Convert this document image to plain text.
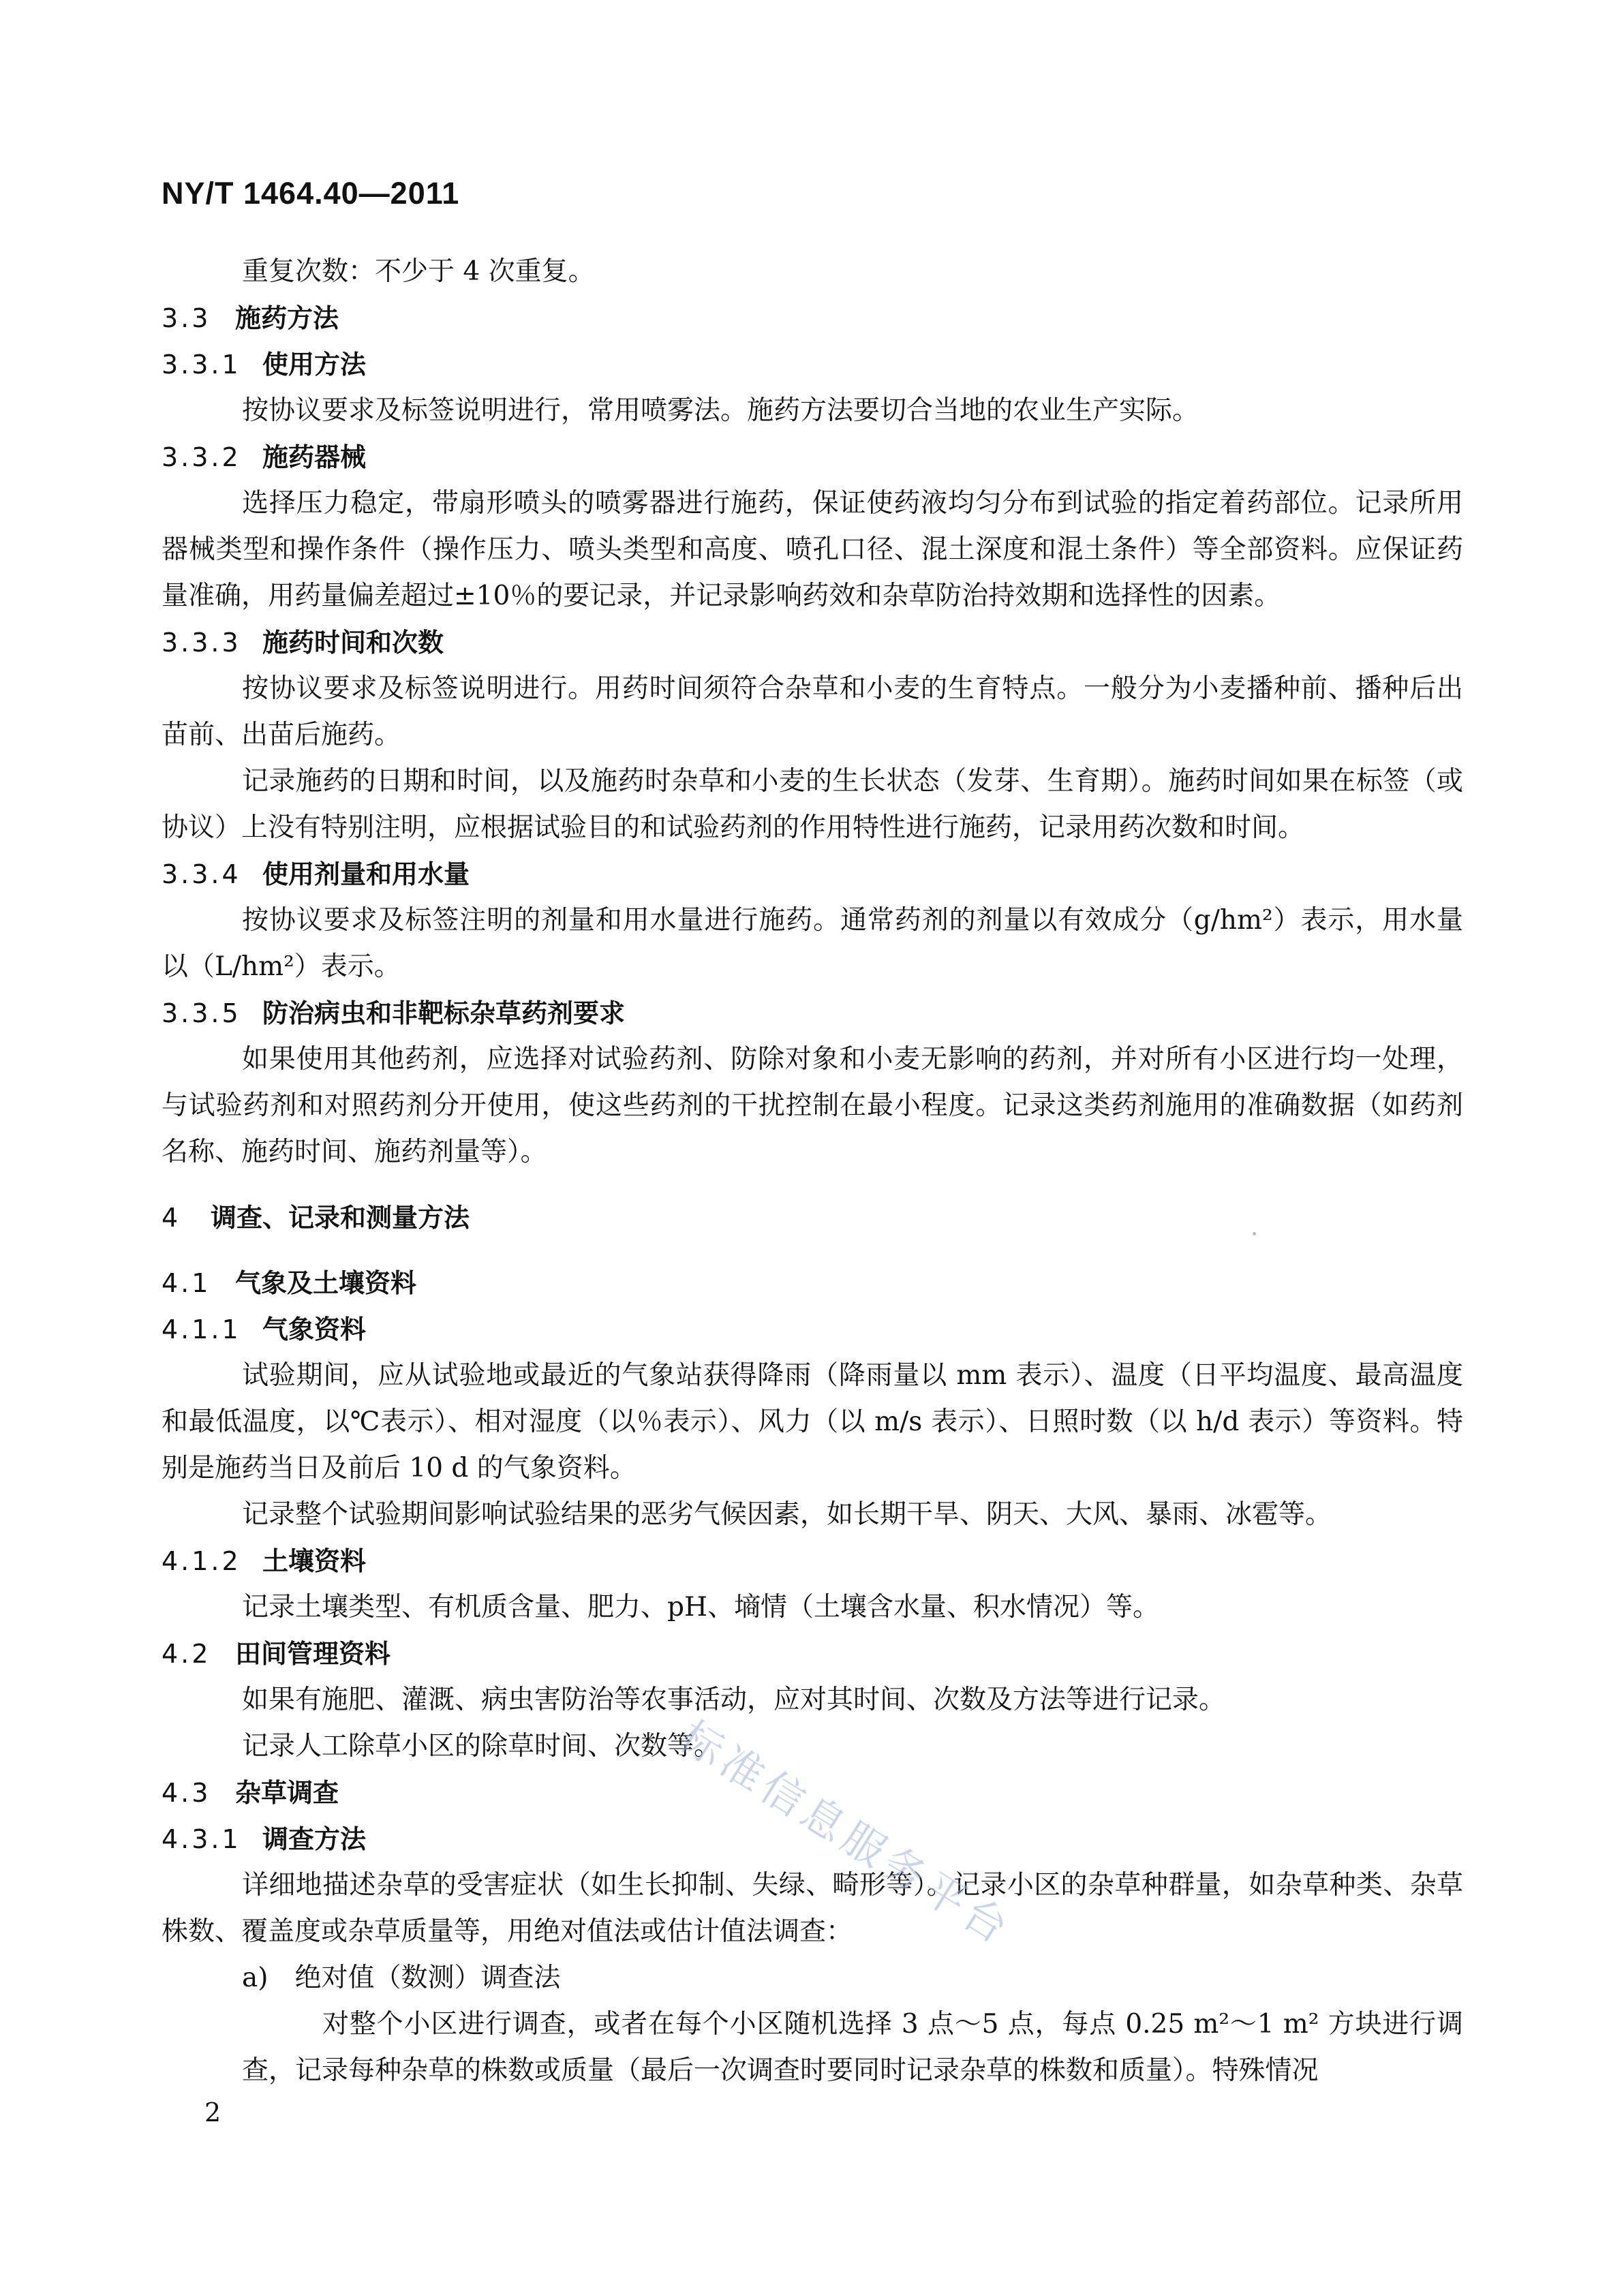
NY/T 1464.40—2011

重复次数：不少于 4 次重复。

3.3 施药方法
3.3.1 使用方法

按协议要求及标签说明进行，常用喷雾法。施药方法要切合当地的农业生产实际。

3.3.2 施药器械

选择压力稳定，带扇形喷头的喷雾器进行施药，保证使药液均匀分布到试验的指定着药部位。记录所用器械类型和操作条件（操作压力、喷头类型和高度、喷孔口径、混土深度和混土条件）等全部资料。应保证药量准确，用药量偏差超过±10％的要记录，并记录影响药效和杂草防治持效期和选择性的因素。

3.3.3 施药时间和次数

按协议要求及标签说明进行。用药时间须符合杂草和小麦的生育特点。一般分为小麦播种前、播种后出苗前、出苗后施药。

记录施药的日期和时间，以及施药时杂草和小麦的生长状态（发芽、生育期）。施药时间如果在标签（或协议）上没有特别注明，应根据试验目的和试验药剂的作用特性进行施药，记录用药次数和时间。

3.3.4 使用剂量和用水量

按协议要求及标签注明的剂量和用水量进行施药。通常药剂的剂量以有效成分（g/hm²）表示，用水量以（L/hm²）表示。

3.3.5 防治病虫和非靶标杂草药剂要求

如果使用其他药剂，应选择对试验药剂、防除对象和小麦无影响的药剂，并对所有小区进行均一处理，与试验药剂和对照药剂分开使用，使这些药剂的干扰控制在最小程度。记录这类药剂施用的准确数据（如药剂名称、施药时间、施药剂量等）。

4 调查、记录和测量方法
4.1 气象及土壤资料
4.1.1 气象资料

试验期间，应从试验地或最近的气象站获得降雨（降雨量以 mm 表示）、温度（日平均温度、最高温度和最低温度，以℃表示）、相对湿度（以％表示）、风力（以 m/s 表示）、日照时数（以 h/d 表示）等资料。特别是施药当日及前后 10 d 的气象资料。

记录整个试验期间影响试验结果的恶劣气候因素，如长期干旱、阴天、大风、暴雨、冰雹等。

4.1.2 土壤资料

记录土壤类型、有机质含量、肥力、pH、墒情（土壤含水量、积水情况）等。

4.2 田间管理资料

如果有施肥、灌溉、病虫害防治等农事活动，应对其时间、次数及方法等进行记录。

记录人工除草小区的除草时间、次数等。

4.3 杂草调查
4.3.1 调查方法

详细地描述杂草的受害症状（如生长抑制、失绿、畸形等）。记录小区的杂草种群量，如杂草种类、杂草株数、覆盖度或杂草质量等，用绝对值法或估计值法调查：

a)　绝对值（数测）调查法

对整个小区进行调查，或者在每个小区随机选择 3 点～5 点，每点 0.25 m²～1 m² 方块进行调查，记录每种杂草的株数或质量（最后一次调查时要同时记录杂草的株数和质量）。特殊情况

2
标准信息服务平台
